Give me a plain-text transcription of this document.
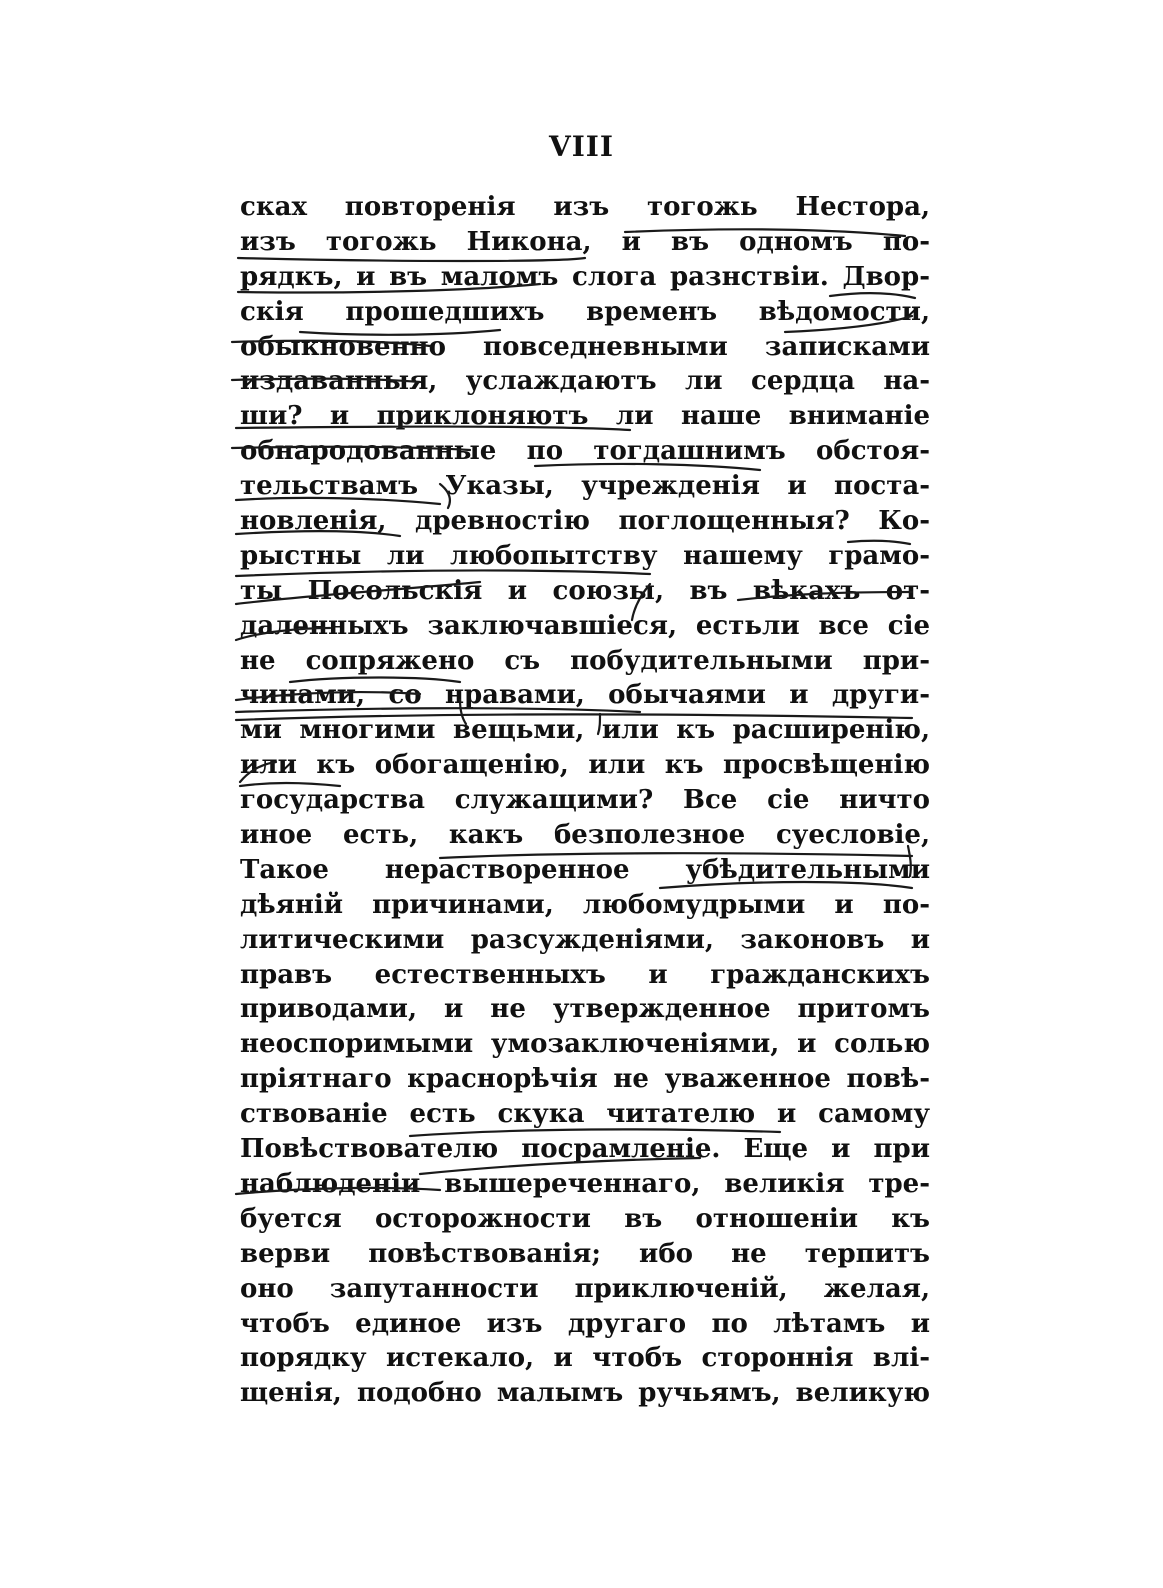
VIII
сках повторенія изъ тогожь Нестора,
изъ тогожь Никона, и въ одномъ по-
рядкъ, и въ маломъ слога разнствіи. Двор-
скія прошедшихъ временъ вѣдомости,
обыкновенно повседневными записками
издаванныя, услаждаютъ ли сердца на-
ши? и приклоняютъ ли наше вниманіе
обнародованные по тогдашнимъ обстоя-
тельствамъ Указы, учрежденія и поста-
новленія, древностію поглощенныя? Ко-
рыстны ли любопытству нашему грамо-
ты Посольскія и союзы, въ вѣкахъ от-
даленныхъ заключавшіеся, естьли все сіе
не сопряжено съ побудительными при-
чинами, со нравами, обычаями и други-
ми многими вещьми, или къ расширенію,
или къ обогащенію, или къ просвѣщенію
государства служащими? Все сіе ничто
иное есть, какъ безполезное суесловіе,
Такое нерастворенное убѣдительными
дѣяній причинами, любомудрыми и по-
литическими разсужденіями, законовъ и
правъ естественныхъ и гражданскихъ
приводами, и не утвержденное притомъ
неоспоримыми умозаключеніями, и солью
пріятнаго краснорѣчія не уваженное повѣ-
ствованіе есть скука читателю и самому
Повѣствователю посрамленіе. Еще и при
наблюденіи вышереченнаго, великія тре-
буется осторожности въ отношеніи къ
верви повѣствованія; ибо не терпитъ
оно запутанности приключеній, желая,
чтобъ единое изъ другаго по лѣтамъ и
порядку истекало, и чтобъ стороннія влі-
щенія, подобно малымъ ручьямъ, великую
